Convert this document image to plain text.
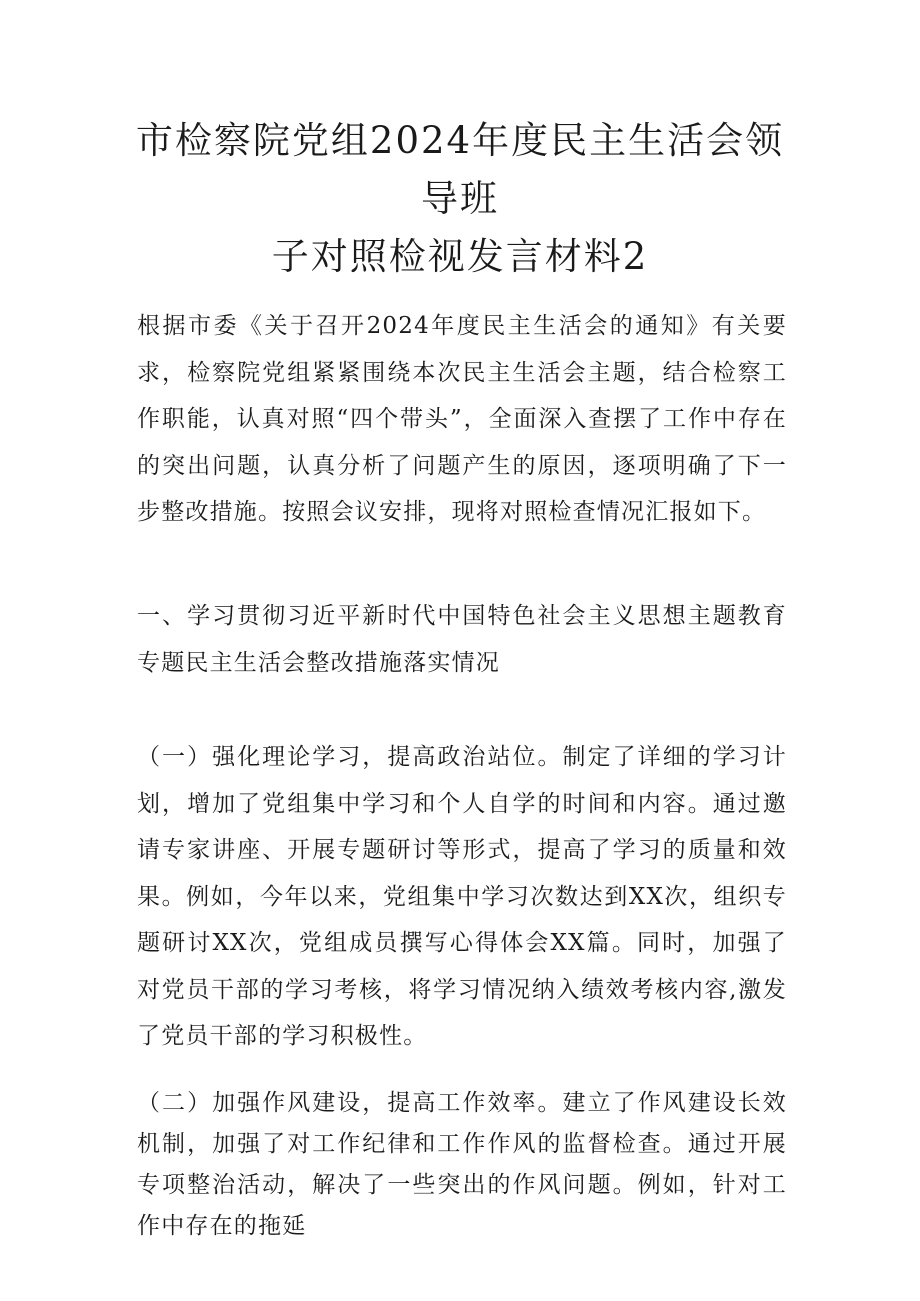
市检察院党组2024年度民主生活会领导班
子对照检视发言材料2

根据市委《关于召开2024年度民主生活会的通知》有关要求，检察院党组紧紧围绕本次民主生活会主题，结合检察工作职能，认真对照“四个带头”，全面深入查摆了工作中存在的突出问题，认真分析了问题产生的原因，逐项明确了下一步整改措施。按照会议安排，现将对照检查情况汇报如下。

一、学习贯彻习近平新时代中国特色社会主义思想主题教育专题民主生活会整改措施落实情况

（一）强化理论学习，提高政治站位。制定了详细的学习计划，增加了党组集中学习和个人自学的时间和内容。通过邀请专家讲座、开展专题研讨等形式，提高了学习的质量和效果。例如，今年以来，党组集中学习次数达到XX次，组织专题研讨XX次，党组成员撰写心得体会XX篇。同时，加强了对党员干部的学习考核，将学习情况纳入绩效考核内容,激发了党员干部的学习积极性。

（二）加强作风建设，提高工作效率。建立了作风建设长效机制，加强了对工作纪律和工作作风的监督检查。通过开展专项整治活动，解决了一些突出的作风问题。例如，针对工作中存在的拖延
